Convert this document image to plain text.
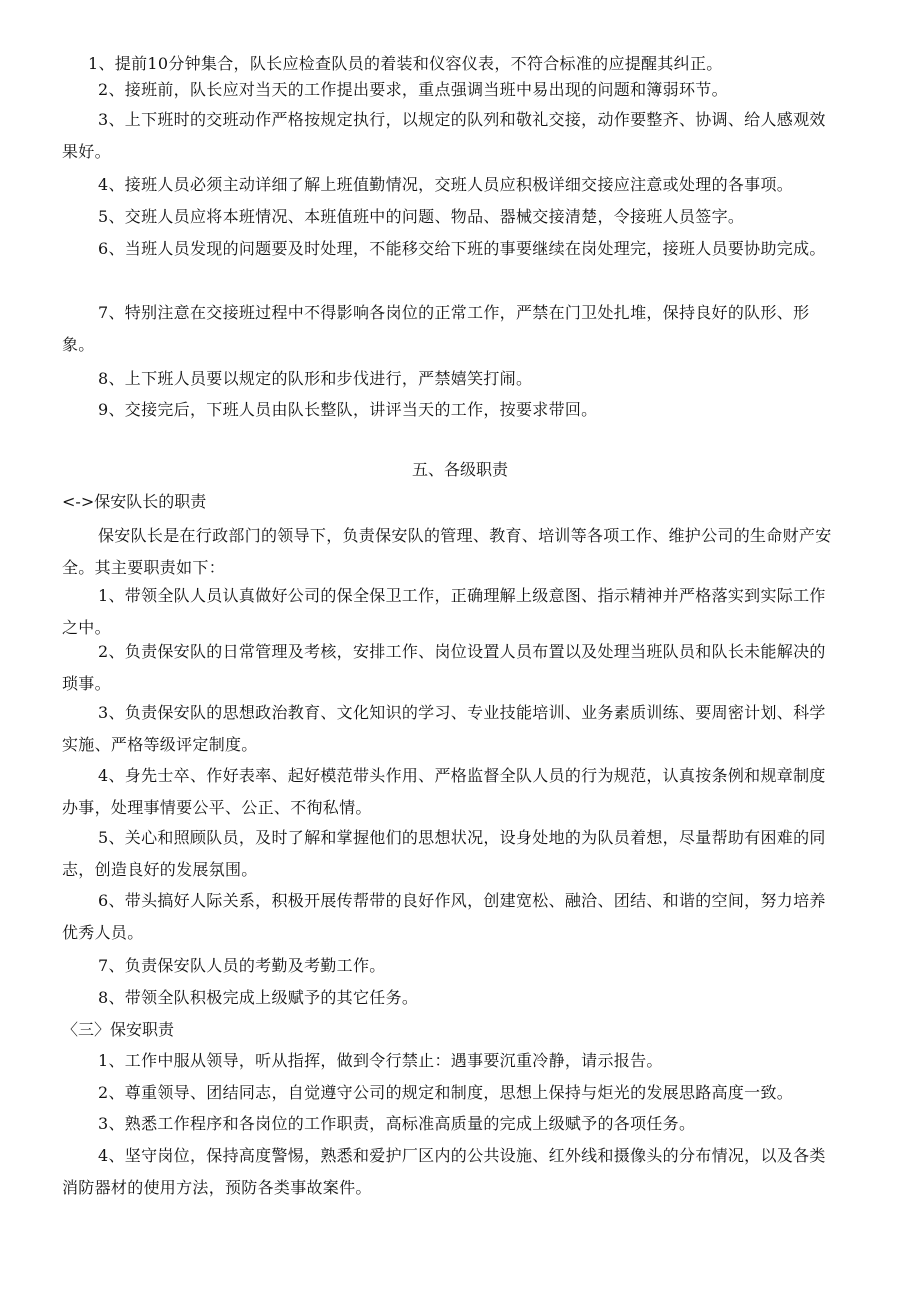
1、提前10分钟集合，队长应检查队员的着装和仪容仪表，不符合标准的应提醒其纠正。
2、接班前，队长应对当天的工作提出要求，重点强调当班中易出现的问题和簿弱环节。
3、上下班时的交班动作严格按规定执行，以规定的队列和敬礼交接，动作要整齐、协调、给人感观效果好。
4、接班人员必须主动详细了解上班值勤情况，交班人员应积极详细交接应注意或处理的各事项。
5、交班人员应将本班情况、本班值班中的问题、物品、器械交接清楚，令接班人员签字。
6、当班人员发现的问题要及时处理，不能移交给下班的事要继续在岗处理完，接班人员要协助完成。
7、特别注意在交接班过程中不得影响各岗位的正常工作，严禁在门卫处扎堆，保持良好的队形、形象。
8、上下班人员要以规定的队形和步伐进行，严禁嬉笑打闹。
9、交接完后，下班人员由队长整队，讲评当天的工作，按要求带回。
五、各级职责
<->保安队长的职责
保安队长是在行政部门的领导下，负责保安队的管理、教育、培训等各项工作、维护公司的生命财产安全。其主要职责如下：
1、带领全队人员认真做好公司的保全保卫工作，正确理解上级意图、指示精神并严格落实到实际工作之中。
2、负责保安队的日常管理及考核，安排工作、岗位设置人员布置以及处理当班队员和队长未能解决的琐事。
3、负责保安队的思想政治教育、文化知识的学习、专业技能培训、业务素质训练、要周密计划、科学实施、严格等级评定制度。
4、身先士卒、作好表率、起好模范带头作用、严格监督全队人员的行为规范，认真按条例和规章制度办事，处理事情要公平、公正、不徇私情。
5、关心和照顾队员，及时了解和掌握他们的思想状况，设身处地的为队员着想，尽量帮助有困难的同志，创造良好的发展氛围。
6、带头搞好人际关系，积极开展传帮带的良好作风，创建宽松、融洽、团结、和谐的空间，努力培养优秀人员。
7、负责保安队人员的考勤及考勤工作。
8、带领全队积极完成上级赋予的其它任务。
〈三〉保安职责
1、工作中服从领导，听从指挥，做到令行禁止：遇事要沉重冷静，请示报告。
2、尊重领导、团结同志，自觉遵守公司的规定和制度，思想上保持与炬光的发展思路高度一致。
3、熟悉工作程序和各岗位的工作职责，高标准高质量的完成上级赋予的各项任务。
4、坚守岗位，保持高度警惕，熟悉和爱护厂区内的公共设施、红外线和摄像头的分布情况，以及各类消防器材的使用方法，预防各类事故案件。
